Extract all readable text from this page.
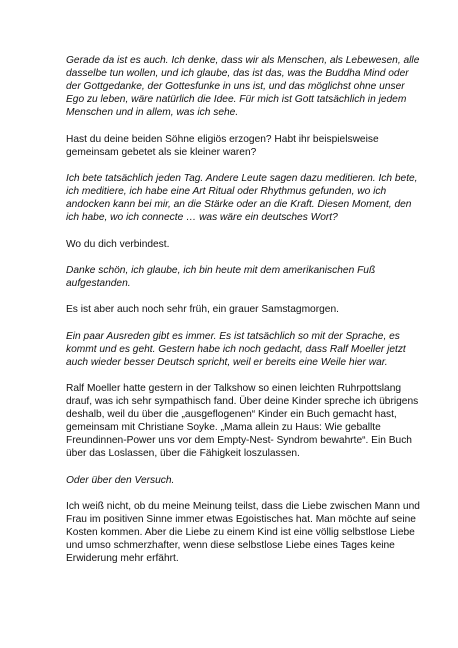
Gerade da ist es auch. Ich denke, dass wir als Menschen, als Lebewesen, alle dasselbe tun wollen, und ich glaube, das ist das, was the Buddha Mind oder der Gottgedanke, der Gottesfunke in uns ist, und das möglichst ohne unser Ego zu leben, wäre natürlich die Idee. Für mich ist Gott tatsächlich in jedem Menschen und in allem, was ich sehe.

Hast du deine beiden Söhne eligiös erzogen? Habt ihr beispielsweise gemeinsam gebetet als sie kleiner waren?

Ich bete tatsächlich jeden Tag. Andere Leute sagen dazu meditieren. Ich bete, ich meditiere, ich habe eine Art Ritual oder Rhythmus gefunden, wo ich andocken kann bei mir, an die Stärke oder an die Kraft. Diesen Moment, den ich habe, wo ich connecte … was wäre ein deutsches Wort?

Wo du dich verbindest.

Danke schön, ich glaube, ich bin heute mit dem amerikanischen Fuß aufgestanden.

Es ist aber auch noch sehr früh, ein grauer Samstagmorgen.

Ein paar Ausreden gibt es immer. Es ist tatsächlich so mit der Sprache, es kommt und es geht. Gestern habe ich noch gedacht, dass Ralf Moeller jetzt auch wieder besser Deutsch spricht, weil er bereits eine Weile hier war.

Ralf Moeller hatte gestern in der Talkshow so einen leichten Ruhrpottslang drauf, was ich sehr sympathisch fand. Über deine Kinder spreche ich übrigens deshalb, weil du über die „ausgeflogenen“ Kinder ein Buch gemacht hast, gemeinsam mit Christiane Soyke. „Mama allein zu Haus: Wie geballte Freundinnen-Power uns vor dem Empty-Nest- Syndrom bewahrte“. Ein Buch über das Loslassen, über die Fähigkeit loszulassen.

Oder über den Versuch.

Ich weiß nicht, ob du meine Meinung teilst, dass die Liebe zwischen Mann und Frau im positiven Sinne immer etwas Egoistisches hat. Man möchte auf seine Kosten kommen. Aber die Liebe zu einem Kind ist eine völlig selbstlose Liebe und umso schmerzhafter, wenn diese selbstlose Liebe eines Tages keine Erwiderung mehr erfährt.
